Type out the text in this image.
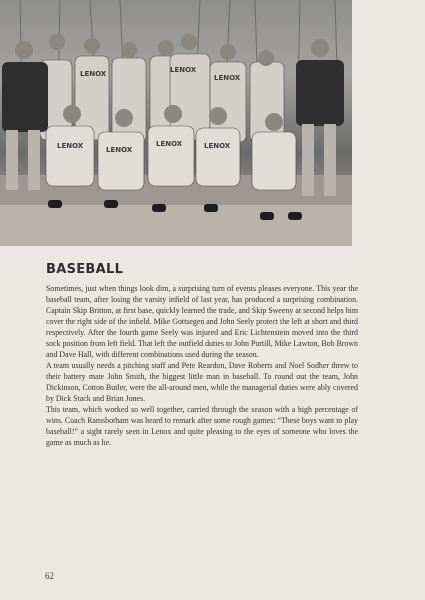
LENOX	LENOX
LENOX
LENOX	LENOX
LENOX	LENOX
BASEBALL

Sometimes, just when things look dim, a surprising turn of events pleases everyone. This year the baseball team, after losing the varsity infield of last year, has produced a surprising combination. Captain Skip Britton, at first base, quickly learned the trade, and Skip Sweeny at second helps him cover the right side of the infield. Mike Gottsegen and John Seely protect the left at short and third respectively. After the fourth game Seely was injured and Eric Lichtenstein moved into the third sock position from left field. That left the outfield duties to John Purtill, Mike Lawton, Bob Brown and Dave Hall, with different combinations used during the season.

A team usually needs a pitching staff and Pete Reardon, Dave Roberts and Noel Sodher threw to their battery mate John Smith, the biggest little man in baseball. To round out the team, John Dickinson, Cotton Butler, were the all-around men, while the managerial duties were ably covered by Dick Stack and Brian Jones.

This team, which worked so well together, carried through the season with a high percentage of wins. Coach Ramsbotham was heard to remark after some rough games: “These boys want to play baseball!” a sight rarely seen in Lenox and quite pleasing to the eyes of someone who loves the game as much as he.

62
